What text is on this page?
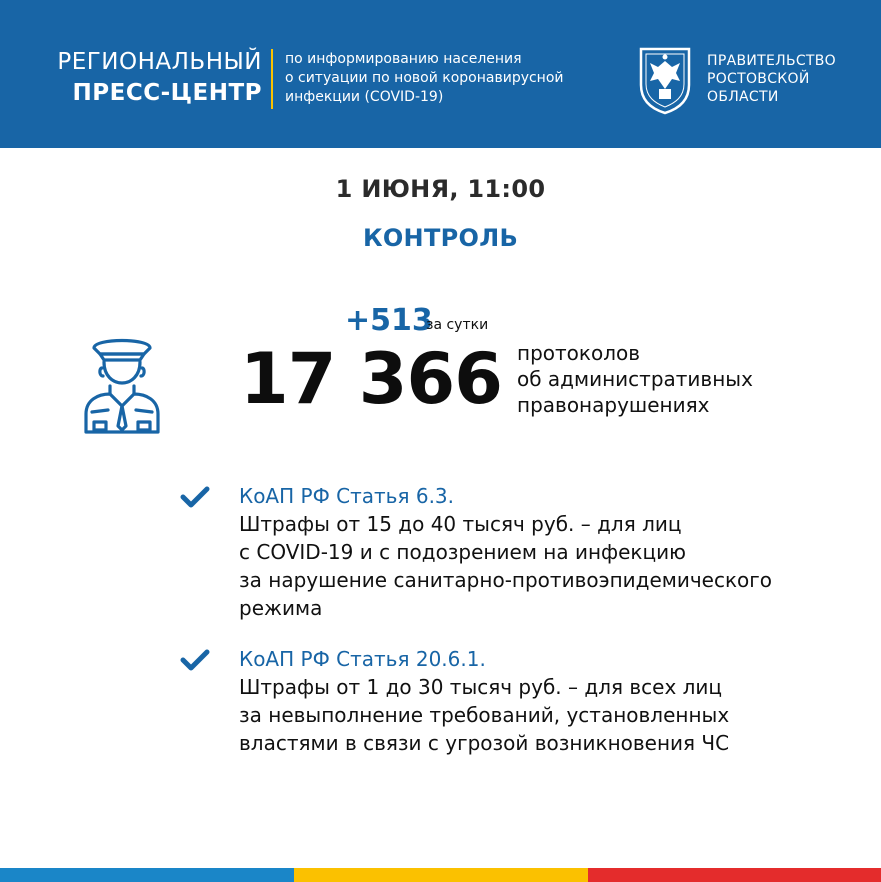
РЕГИОНАЛЬНЫЙ
ПРЕСС-ЦЕНТР
по информированию населения
о ситуации по новой коронавирусной
инфекции (COVID-19)
ПРАВИТЕЛЬСТВО
РОСТОВСКОЙ
ОБЛАСТИ
1 ИЮНЯ, 11:00
КОНТРОЛЬ
+513
за сутки
17 366 протоколов
об административных
правонарушениях
КоАП РФ Статья 6.3.
Штрафы от 15 до 40 тысяч руб. – для лиц
с COVID-19 и с подозрением на инфекцию
за нарушение санитарно-противоэпидемического
режима
КоАП РФ Статья 20.6.1.
Штрафы от 1 до 30 тысяч руб. – для всех лиц
за невыполнение требований, установленных
властями в связи с угрозой возникновения ЧС
